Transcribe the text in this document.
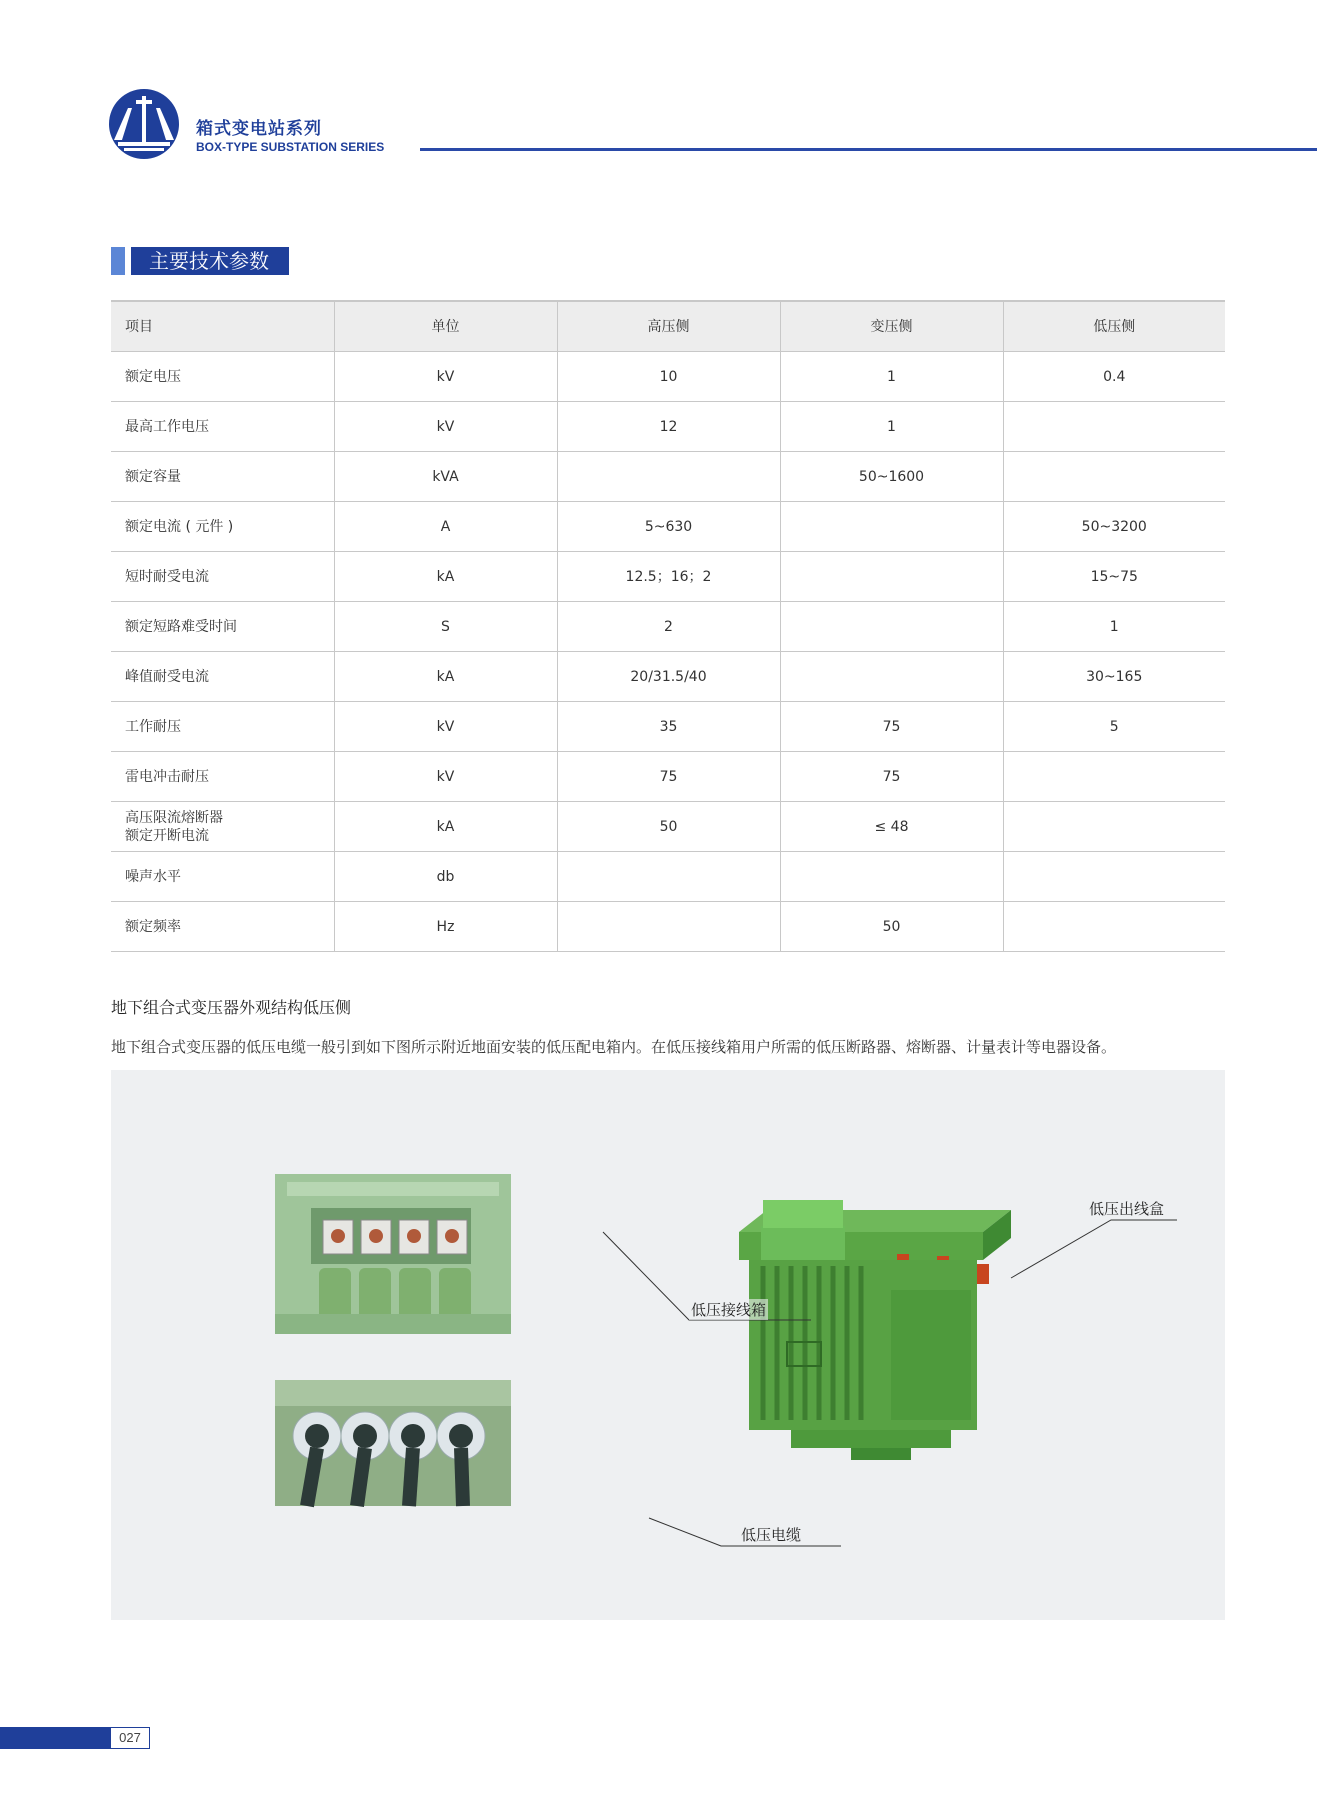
箱式变电站系列
BOX-TYPE SUBSTATION SERIES
主要技术参数
项目	单位	高压侧	变压侧	低压侧
额定电压	kV	10	1	0.4
最高工作电压	kV	12	1	
额定容量	kVA		50~1600	
额定电流 ( 元件 )	A	5~630		50~3200
短时耐受电流	kA	12.5；16；2		15~75
额定短路难受时间	S	2		1
峰值耐受电流	kA	20/31.5/40		30~165
工作耐压	kV	35	75	5
雷电冲击耐压	kV	75	75	
高压限流熔断器
额定开断电流	kA	50	≤ 48	
噪声水平	db			
额定频率	Hz		50	
地下组合式变压器外观结构低压侧
地下组合式变压器的低压电缆一般引到如下图所示附近地面安装的低压配电箱内。在低压接线箱用户所需的低压断路器、熔断器、计量表计等电器设备。
低压接线箱
低压出线盒
低压电缆
027
